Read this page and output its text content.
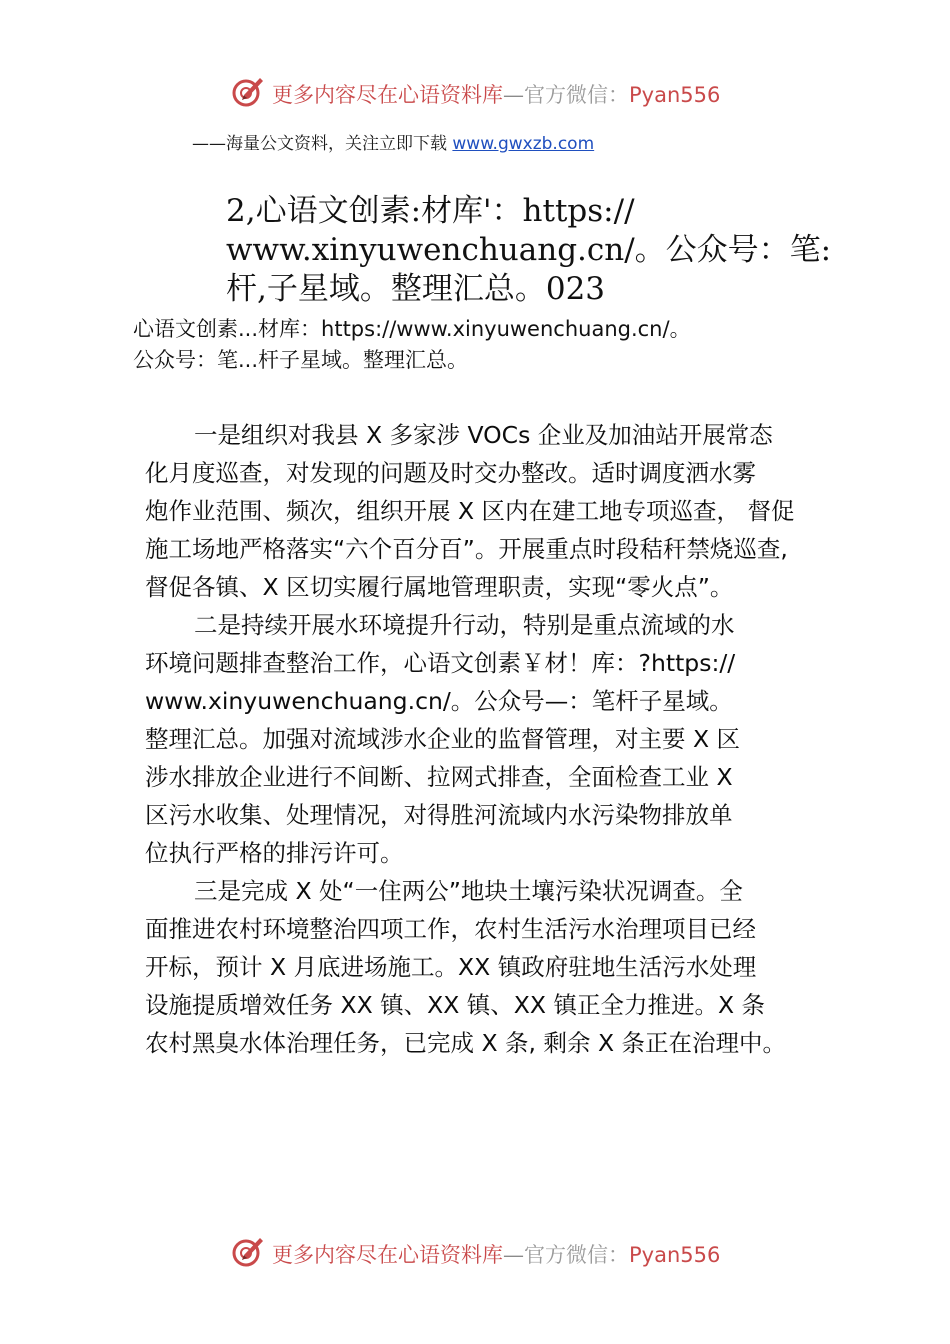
更多内容尽在心语资料库—官方微信：Pyan556
——海量公文资料，关注立即下载 www.gwxzb.com
2,心语文创素:材库'：https://
www.xinyuwenchuang.cn/。公众号：笔:
杆,子星域。整理汇总。023
心语文创素...材库：https://www.xinyuwenchuang.cn/。
公众号：笔...杆子星域。整理汇总。
一是组织对我县 X 多家涉 VOCs 企业及加油站开展常态
化月度巡查，对发现的问题及时交办整改。适时调度洒水雾
炮作业范围、频次，组织开展 X 区内在建工地专项巡查， 督促
施工场地严格落实“六个百分百”。开展重点时段秸秆禁烧巡查,
督促各镇、X 区切实履行属地管理职责，实现“零火点”。
二是持续开展水环境提升行动，特别是重点流域的水
环境问题排查整治工作，心语文创素￥材！库：?https://
www.xinyuwenchuang.cn/。公众号—：笔杆子星域。
整理汇总。加强对流域涉水企业的监督管理，对主要 X 区
涉水排放企业进行不间断、拉网式排查，全面检查工业 X
区污水收集、处理情况，对得胜河流域内水污染物排放单
位执行严格的排污许可。
三是完成 X 处“一住两公”地块土壤污染状况调查。全
面推进农村环境整治四项工作，农村生活污水治理项目已经
开标，预计 X 月底进场施工。XX 镇政府驻地生活污水处理
设施提质增效任务 XX 镇、XX 镇、XX 镇正全力推进。X 条
农村黑臭水体治理任务，已完成 X 条, 剩余 X 条正在治理中。
更多内容尽在心语资料库—官方微信：Pyan556
